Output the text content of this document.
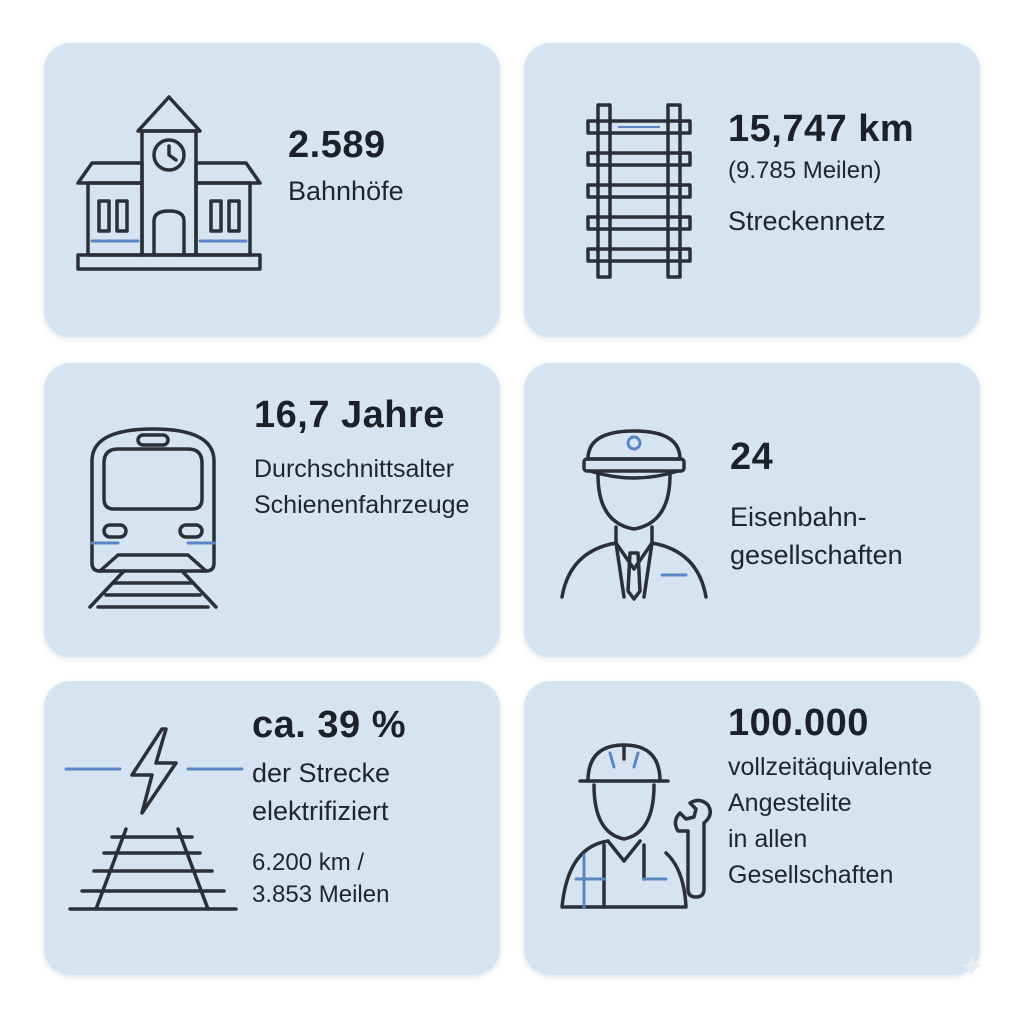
2.589
Bahnhöfe
15,747 km
(9.785 Meilen)
Streckennetz
16,7 Jahre
Durchschnittsalter
Schienenfahrzeuge
24
Eisenbahn-
gesellschaften
ca. 39 %
der Strecke
elektrifiziert
6.200 km /
3.853 Meilen
100.000
vollzeitäquivalente
Angestelite
in allen
Gesellschaften
